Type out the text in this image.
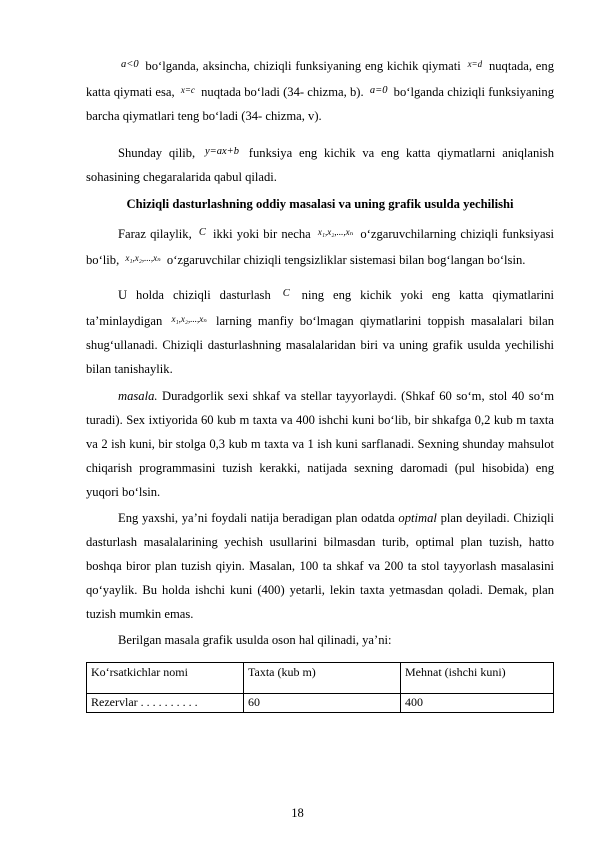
$^{a<0}$ bo‘lganda, aksincha, chiziqli funksiyaning eng kichik qiymati $^{x=d}$ nuqtada, eng katta qiymati esa, $^{x=c}$ nuqtada bo‘ladi (34- chizma, b). $^{a=0}$ bo‘lganda chiziqli funksiyaning barcha qiymatlari teng bo‘ladi (34- chizma, v).

Shunday qilib, $^{y=ax+b}$ funksiya eng kichik va eng katta qiymatlarni aniqlanish sohasining chegaralarida qabul qiladi.

Chiziqli dasturlashning oddiy masalasi va uning grafik usulda yechilishi

Faraz qilaylik, $^C$ ikki yoki bir necha $^{x_1,x_2,...,x_n}$ o‘zgaruvchilarning chiziqli funksiyasi bo‘lib, $^{x_1,x_2,...,x_n}$ o‘zgaruvchilar chiziqli tengsizliklar sistemasi bilan bog‘langan bo‘lsin.

U holda chiziqli dasturlash $^C$ ning eng kichik yoki eng katta qiymatlarini ta’minlaydigan $^{x_1,x_2,...,x_n}$ larning manfiy bo‘lmagan qiymatlarini toppish masalalari bilan shug‘ullanadi. Chiziqli dasturlashning masalalaridan biri va uning grafik usulda yechilishi bilan tanishaylik.

masala. Duradgorlik sexi shkaf va stellar tayyorlaydi. (Shkaf 60 so‘m, stol 40 so‘m turadi). Sex ixtiyorida 60 kub m taxta va 400 ishchi kuni bo‘lib, bir shkafga 0,2 kub m taxta va 2 ish kuni, bir stolga 0,3 kub m taxta va 1 ish kuni sarflanadi. Sexning shunday mahsulot chiqarish programmasini tuzish kerakki, natijada sexning daromadi (pul hisobida) eng yuqori bo‘lsin.

Eng yaxshi, ya’ni foydali natija beradigan plan odatda optimal plan deyiladi. Chiziqli dasturlash masalalarining yechish usullarini bilmasdan turib, optimal plan tuzish, hatto boshqa biror plan tuzish qiyin. Masalan, 100 ta shkaf va 200 ta stol tayyorlash masalasini qo‘yaylik. Bu holda ishchi kuni (400) yetarli, lekin taxta yetmasdan qoladi. Demak, plan tuzish mumkin emas.

Berilgan masala grafik usulda oson hal qilinadi, ya’ni:

Ko‘rsatkichlar nomi	Taxta (kub m)	Mehnat (ishchi kuni)
Rezervlar . . . . . . . . . .	60	400
18
